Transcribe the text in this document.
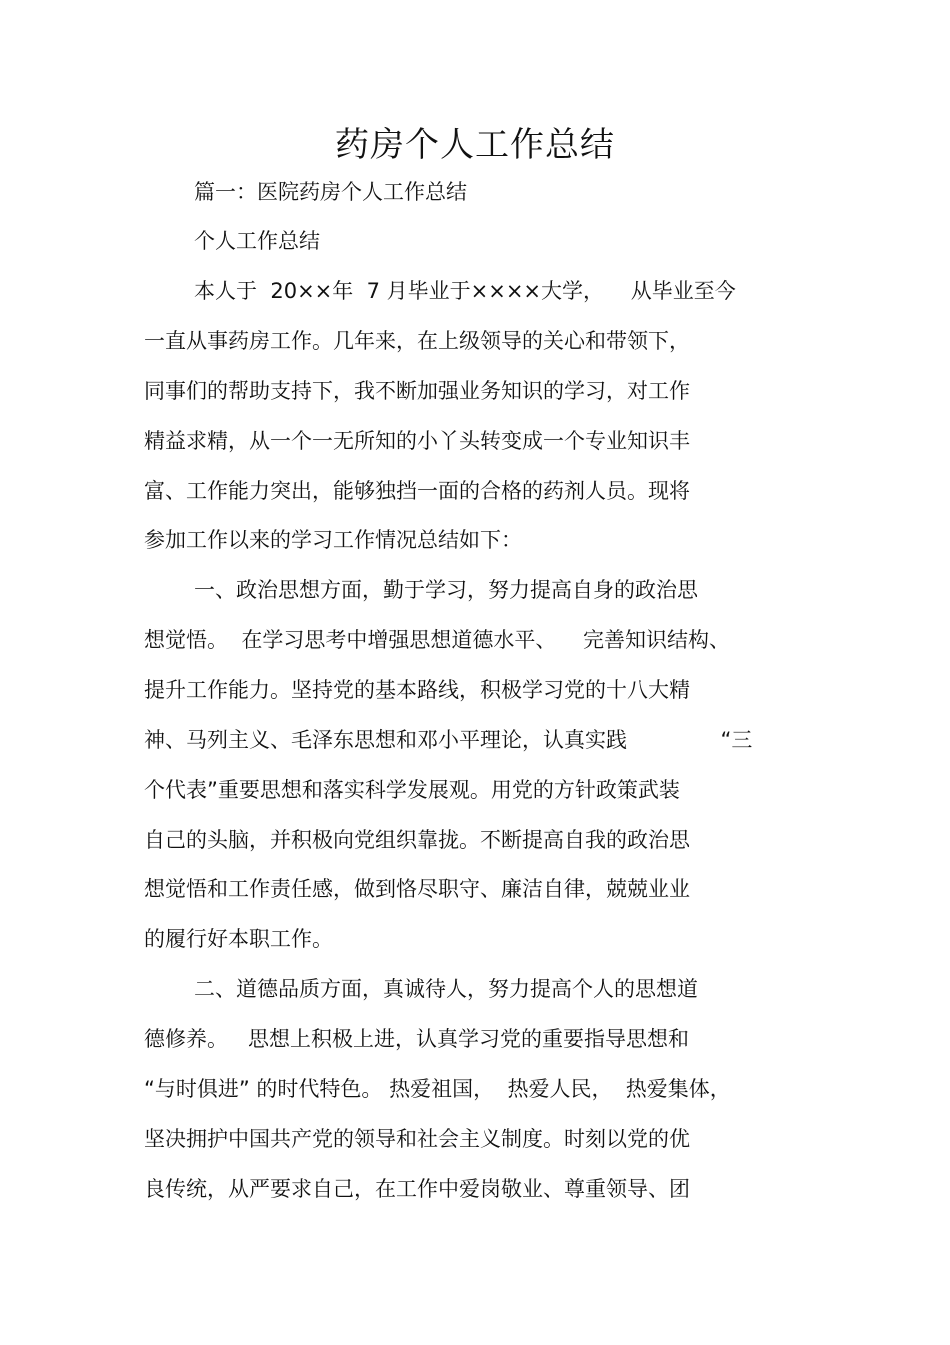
药房个人工作总结
篇一：医院药房个人工作总结
个人工作总结
本人于  20××年  7 月毕业于××××大学，    从毕业至今
一直从事药房工作。几年来，在上级领导的关心和带领下，
同事们的帮助支持下，我不断加强业务知识的学习，对工作
精益求精，从一个一无所知的小丫头转变成一个专业知识丰
富、工作能力突出，能够独挡一面的合格的药剂人员。现将
参加工作以来的学习工作情况总结如下：
一、政治思想方面，勤于学习，努力提高自身的政治思
想觉悟。  在学习思考中增强思想道德水平、    完善知识结构、
提升工作能力。坚持党的基本路线，积极学习党的十八大精
神、马列主义、毛泽东思想和邓小平理论，认真实践              “三
个代表”重要思想和落实科学发展观。用党的方针政策武装
自己的头脑，并积极向党组织靠拢。不断提高自我的政治思
想觉悟和工作责任感，做到恪尽职守、廉洁自律，兢兢业业
的履行好本职工作。
二、道德品质方面，真诚待人，努力提高个人的思想道
德修养。   思想上积极上进，认真学习党的重要指导思想和
“与时俱进” 的时代特色。 热爱祖国，  热爱人民，  热爱集体，
坚决拥护中国共产党的领导和社会主义制度。时刻以党的优
良传统，从严要求自己，在工作中爱岗敬业、尊重领导、团
